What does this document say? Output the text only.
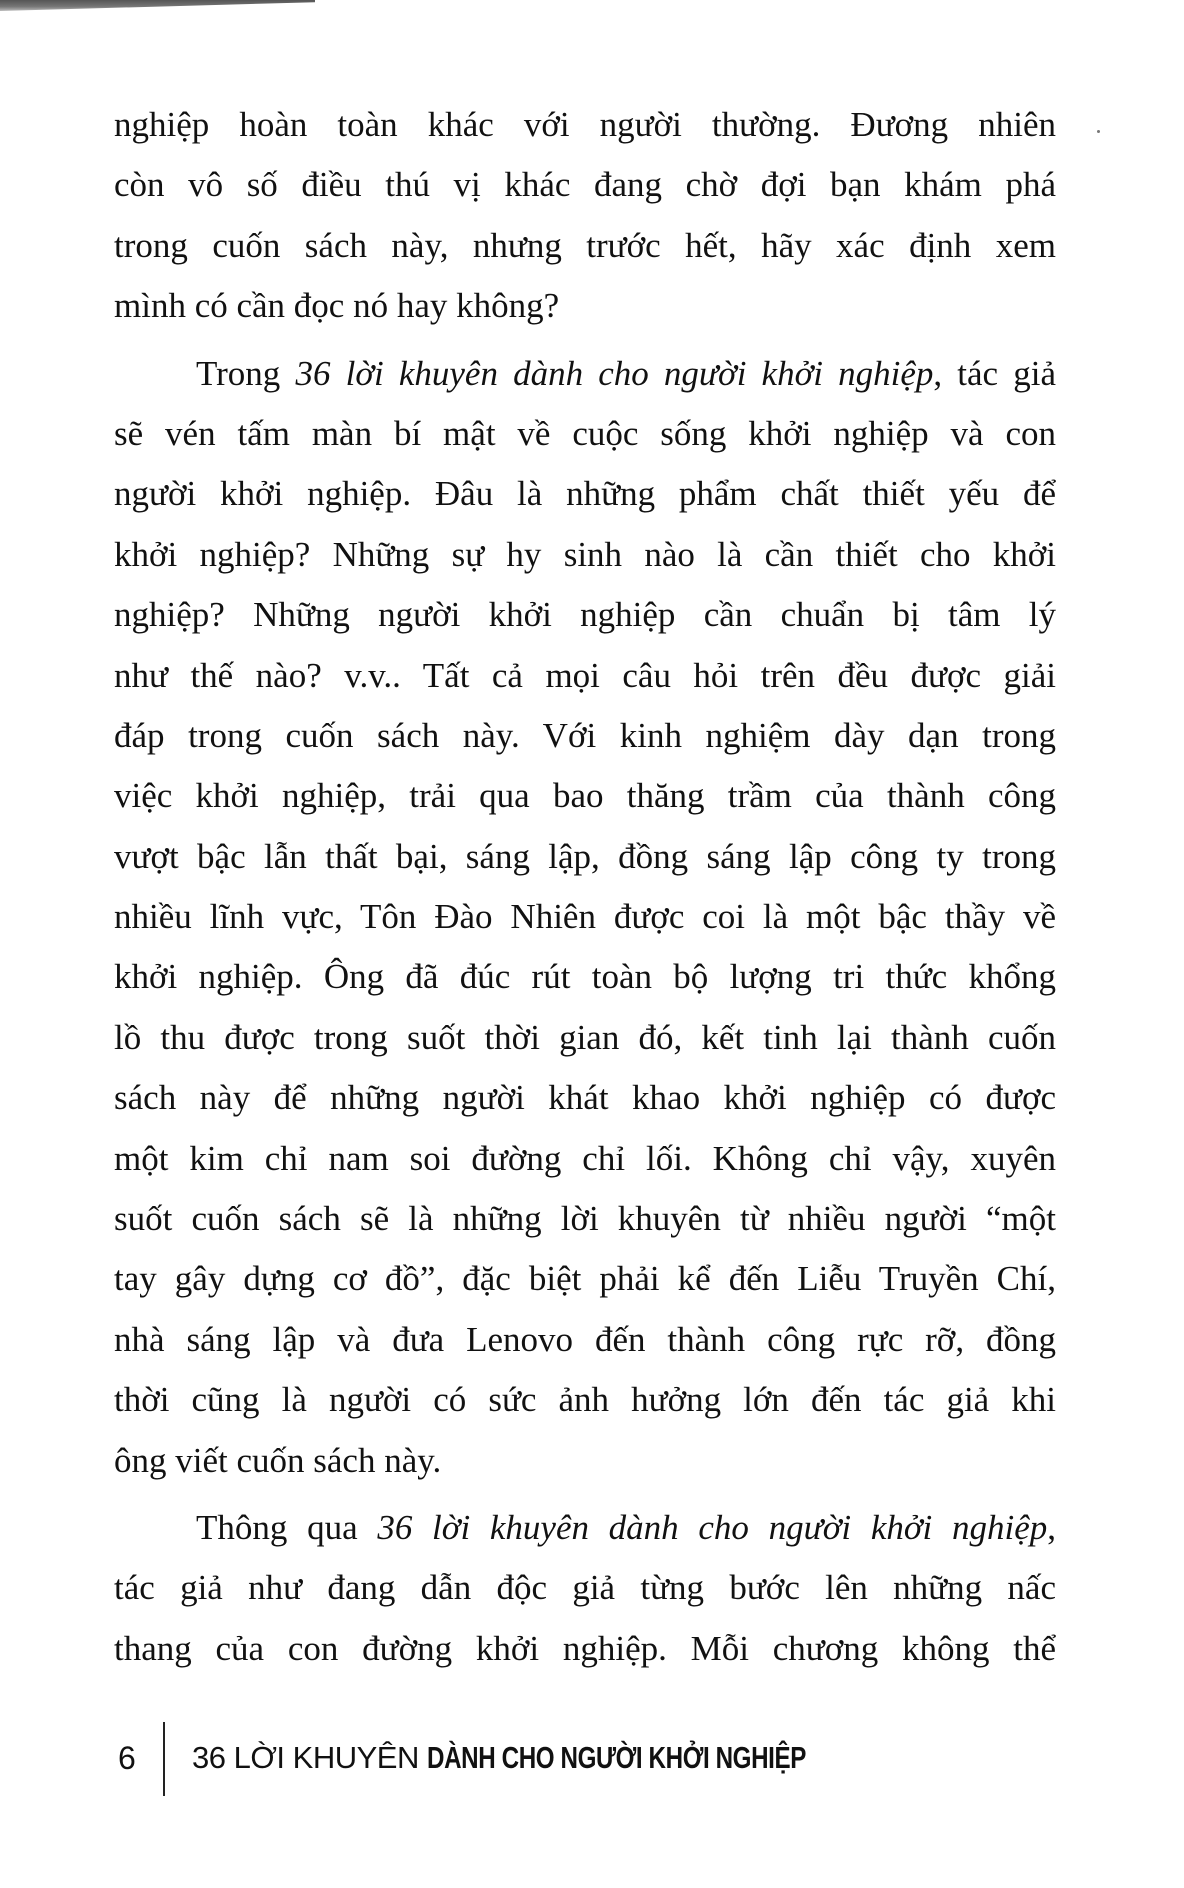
nghiệp hoàn toàn khác với người thường. Đương nhiên
còn vô số điều thú vị khác đang chờ đợi bạn khám phá
trong cuốn sách này, nhưng trước hết, hãy xác định xem
mình có cần đọc nó hay không?
Trong 36 lời khuyên dành cho người khởi nghiệp, tác giả
sẽ vén tấm màn bí mật về cuộc sống khởi nghiệp và con
người khởi nghiệp. Đâu là những phẩm chất thiết yếu để
khởi nghiệp? Những sự hy sinh nào là cần thiết cho khởi
nghiệp? Những người khởi nghiệp cần chuẩn bị tâm lý
như thế nào? v.v.. Tất cả mọi câu hỏi trên đều được giải
đáp trong cuốn sách này. Với kinh nghiệm dày dạn trong
việc khởi nghiệp, trải qua bao thăng trầm của thành công
vượt bậc lẫn thất bại, sáng lập, đồng sáng lập công ty trong
nhiều lĩnh vực, Tôn Đào Nhiên được coi là một bậc thầy về
khởi nghiệp. Ông đã đúc rút toàn bộ lượng tri thức khổng
lồ thu được trong suốt thời gian đó, kết tinh lại thành cuốn
sách này để những người khát khao khởi nghiệp có được
một kim chỉ nam soi đường chỉ lối. Không chỉ vậy, xuyên
suốt cuốn sách sẽ là những lời khuyên từ nhiều người “một
tay gây dựng cơ đồ”, đặc biệt phải kể đến Liễu Truyền Chí,
nhà sáng lập và đưa Lenovo đến thành công rực rỡ, đồng
thời cũng là người có sức ảnh hưởng lớn đến tác giả khi
ông viết cuốn sách này.
Thông qua 36 lời khuyên dành cho người khởi nghiệp,
tác giả như đang dẫn độc giả từng bước lên những nấc
thang của con đường khởi nghiệp. Mỗi chương không thể
6 36 LỜI KHUYÊN DÀNH CHO NGƯỜI KHỞI NGHIỆP
